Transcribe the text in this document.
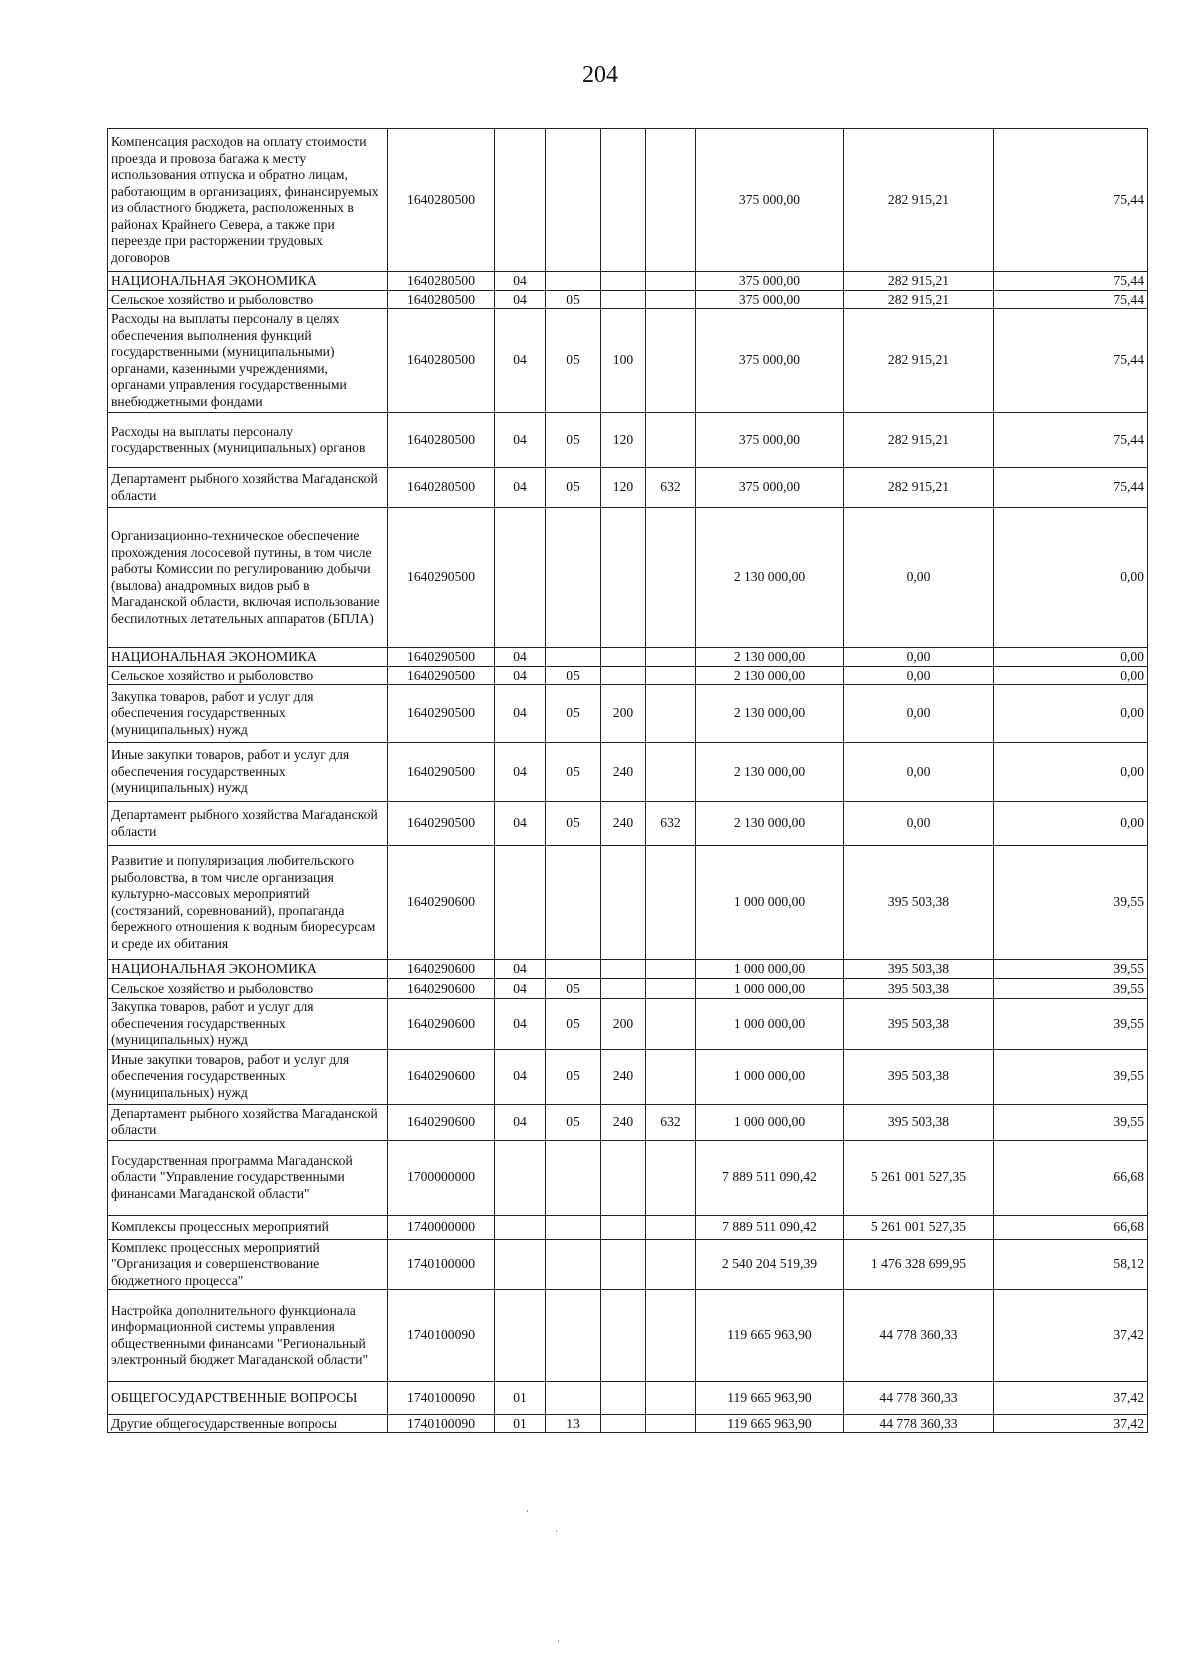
204
Компенсация расходов на оплату стоимости проезда и провоза багажа к месту использования отпуска и обратно лицам, работающим в организациях, финансируемых из областного бюджета, расположенных в районах Крайнего Севера, а также при переезде при расторжении трудовых договоров	1640280500					375 000,00	282 915,21	75,44
НАЦИОНАЛЬНАЯ ЭКОНОМИКА	1640280500	04				375 000,00	282 915,21	75,44
Сельское хозяйство и рыболовство	1640280500	04	05			375 000,00	282 915,21	75,44
Расходы на выплаты персоналу в целях обеспечения выполнения функций государственными (муниципальными) органами, казенными учреждениями, органами управления государственными внебюджетными фондами	1640280500	04	05	100		375 000,00	282 915,21	75,44
Расходы на выплаты персоналу государственных (муниципальных) органов	1640280500	04	05	120		375 000,00	282 915,21	75,44
Департамент рыбного хозяйства Магаданской области	1640280500	04	05	120	632	375 000,00	282 915,21	75,44
Организационно-техническое обеспечение прохождения лососевой путины, в том числе работы Комиссии по регулированию добычи (вылова) анадромных видов рыб в Магаданской области, включая использование беспилотных летательных аппаратов (БПЛА)	1640290500					2 130 000,00	0,00	0,00
НАЦИОНАЛЬНАЯ ЭКОНОМИКА	1640290500	04				2 130 000,00	0,00	0,00
Сельское хозяйство и рыболовство	1640290500	04	05			2 130 000,00	0,00	0,00
Закупка товаров, работ и услуг для обеспечения государственных (муниципальных) нужд	1640290500	04	05	200		2 130 000,00	0,00	0,00
Иные закупки товаров, работ и услуг для обеспечения государственных (муниципальных) нужд	1640290500	04	05	240		2 130 000,00	0,00	0,00
Департамент рыбного хозяйства Магаданской области	1640290500	04	05	240	632	2 130 000,00	0,00	0,00
Развитие и популяризация любительского рыболовства, в том числе организация культурно-массовых мероприятий (состязаний, соревнований), пропаганда бережного отношения к водным биоресурсам и среде их обитания	1640290600					1 000 000,00	395 503,38	39,55
НАЦИОНАЛЬНАЯ ЭКОНОМИКА	1640290600	04				1 000 000,00	395 503,38	39,55
Сельское хозяйство и рыболовство	1640290600	04	05			1 000 000,00	395 503,38	39,55
Закупка товаров, работ и услуг для обеспечения государственных (муниципальных) нужд	1640290600	04	05	200		1 000 000,00	395 503,38	39,55
Иные закупки товаров, работ и услуг для обеспечения государственных (муниципальных) нужд	1640290600	04	05	240		1 000 000,00	395 503,38	39,55
Департамент рыбного хозяйства Магаданской области	1640290600	04	05	240	632	1 000 000,00	395 503,38	39,55
Государственная программа Магаданской области "Управление государственными финансами Магаданской области"	1700000000					7 889 511 090,42	5 261 001 527,35	66,68
Комплексы процессных мероприятий	1740000000					7 889 511 090,42	5 261 001 527,35	66,68
Комплекс процессных мероприятий "Организация и совершенствование бюджетного процесса"	1740100000					2 540 204 519,39	1 476 328 699,95	58,12
Настройка дополнительного функционала информационной системы управления общественными финансами "Региональный электронный бюджет Магаданской области"	1740100090					119 665 963,90	44 778 360,33	37,42
ОБЩЕГОСУДАРСТВЕННЫЕ ВОПРОСЫ	1740100090	01				119 665 963,90	44 778 360,33	37,42
Другие общегосударственные вопросы	1740100090	01	13			119 665 963,90	44 778 360,33	37,42
